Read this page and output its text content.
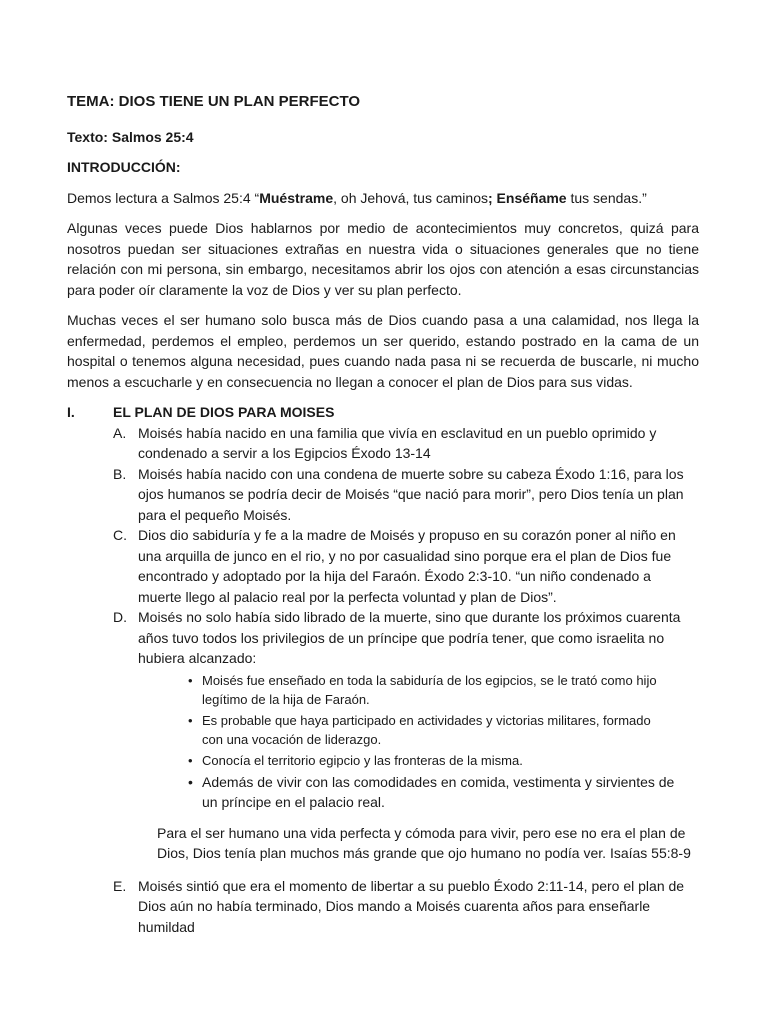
TEMA: DIOS TIENE UN PLAN PERFECTO
Texto: Salmos 25:4
INTRODUCCIÓN:

Demos lectura a Salmos 25:4 “Muéstrame, oh Jehová, tus caminos; Enséñame tus sendas.”

Algunas veces puede Dios hablarnos por medio de acontecimientos muy concretos, quizá para nosotros puedan ser situaciones extrañas en nuestra vida o situaciones generales que no tiene relación con mi persona, sin embargo, necesitamos abrir los ojos con atención a esas circunstancias para poder oír claramente la voz de Dios y ver su plan perfecto.

Muchas veces el ser humano solo busca más de Dios cuando pasa a una calamidad, nos llega la enfermedad, perdemos el empleo, perdemos un ser querido, estando postrado en la cama de un hospital o tenemos alguna necesidad, pues cuando nada pasa ni se recuerda de buscarle, ni mucho menos a escucharle y en consecuencia no llegan a conocer el plan de Dios para sus vidas.

I.	EL PLAN DE DIOS PARA MOISES
A. Moisés había nacido en una familia que vivía en esclavitud en un pueblo oprimido y condenado a servir a los Egipcios Éxodo 13-14
B. Moisés había nacido con una condena de muerte sobre su cabeza Éxodo 1:16, para los ojos humanos se podría decir de Moisés “que nació para morir”, pero Dios tenía un plan para el pequeño Moisés.
C. Dios dio sabiduría y fe a la madre de Moisés y propuso en su corazón poner al niño en una arquilla de junco en el rio, y no por casualidad sino porque era el plan de Dios fue encontrado y adoptado por la hija del Faraón. Éxodo 2:3-10. “un niño condenado a muerte llego al palacio real por la perfecta voluntad y plan de Dios”.
D. Moisés no solo había sido librado de la muerte, sino que durante los próximos cuarenta años tuvo todos los privilegios de un príncipe que podría tener, que como israelita no hubiera alcanzado:
• Moisés fue enseñado en toda la sabiduría de los egipcios, se le trató como hijo legítimo de la hija de Faraón.
• Es probable que haya participado en actividades y victorias militares, formado con una vocación de liderazgo.
• Conocía el territorio egipcio y las fronteras de la misma.
• Además de vivir con las comodidades en comida, vestimenta y sirvientes de un príncipe en el palacio real.

Para el ser humano una vida perfecta y cómoda para vivir, pero ese no era el plan de Dios, Dios tenía plan muchos más grande que ojo humano no podía ver. Isaías 55:8-9

E. Moisés sintió que era el momento de libertar a su pueblo Éxodo 2:11-14, pero el plan de Dios aún no había terminado, Dios mando a Moisés cuarenta años para enseñarle humildad
